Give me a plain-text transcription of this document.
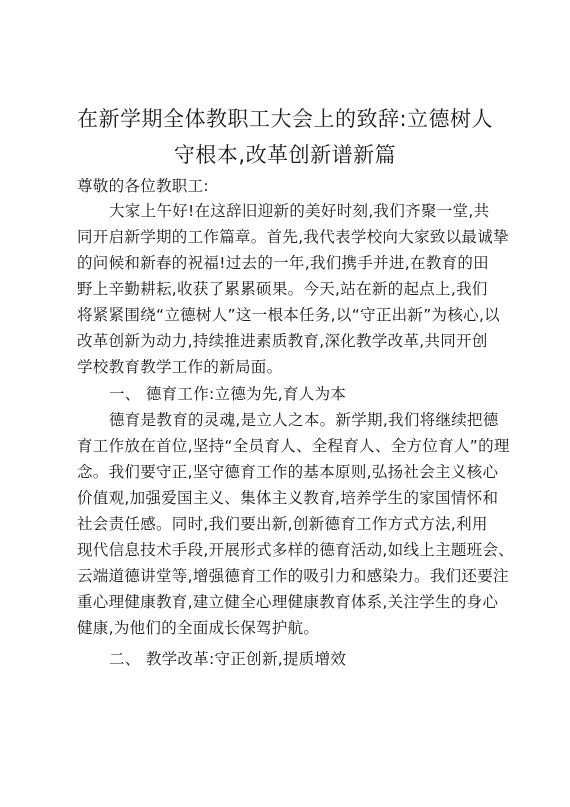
在新学期全体教职工大会上的致辞:立德树人
守根本,改革创新谱新篇
尊敬的各位教职工:
大家上午好!在这辞旧迎新的美好时刻,我们齐聚一堂,共
同开启新学期的工作篇章。首先,我代表学校向大家致以最诚挚
的问候和新春的祝福!过去的一年,我们携手并进,在教育的田
野上辛勤耕耘,收获了累累硕果。今天,站在新的起点上,我们
将紧紧围绕“立德树人”这一根本任务,以“守正出新”为核心,以
改革创新为动力,持续推进素质教育,深化教学改革,共同开创
学校教育教学工作的新局面。
一、 德育工作:立德为先,育人为本
德育是教育的灵魂,是立人之本。新学期,我们将继续把德
育工作放在首位,坚持“全员育人、全程育人、全方位育人”的理
念。我们要守正,坚守德育工作的基本原则,弘扬社会主义核心
价值观,加强爱国主义、集体主义教育,培养学生的家国情怀和
社会责任感。同时,我们要出新,创新德育工作方式方法,利用
现代信息技术手段,开展形式多样的德育活动,如线上主题班会、
云端道德讲堂等,增强德育工作的吸引力和感染力。我们还要注
重心理健康教育,建立健全心理健康教育体系,关注学生的身心
健康,为他们的全面成长保驾护航。
二、 教学改革:守正创新,提质增效
